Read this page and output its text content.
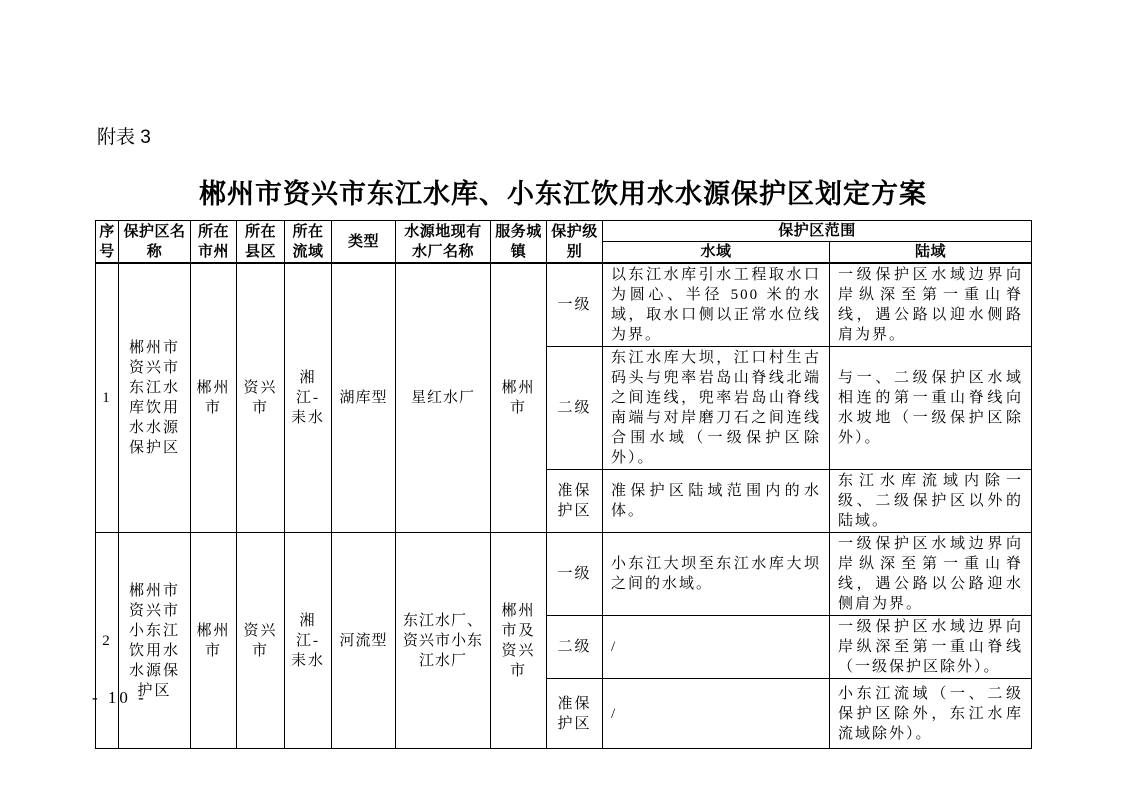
附表 3
郴州市资兴市东江水库、小东江饮用水水源保护区划定方案
序号	保护区名称	所在市州	所在县区	所在流域	类型	水源地现有水厂名称	服务城镇	保护级别	保护区范围	
									水域	陆域
1	郴州市资兴市东江水库饮用水水源保护区	郴州市	资兴市	湘江-耒水	湖库型	星红水厂	郴州市	一级	以东江水库引水工程取水口为圆心、半径 500 米的水域，取水口侧以正常水位线为界。	一级保护区水域边界向岸纵深至第一重山脊线，遇公路以迎水侧路肩为界。
								二级	东江水库大坝，江口村生古码头与兜率岩岛山脊线北端之间连线，兜率岩岛山脊线南端与对岸磨刀石之间连线合围水域（一级保护区除外）。	与一、二级保护区水域相连的第一重山脊线向水坡地（一级保护区除外）。
								准保护区	准保护区陆域范围内的水体。	东江水库流域内除一级、二级保护区以外的陆域。
2	郴州市资兴市小东江饮用水水源保护区	郴州市	资兴市	湘江-耒水	河流型	东江水厂、资兴市小东江水厂	郴州市及资兴市	一级	小东江大坝至东江水库大坝之间的水域。	一级保护区水域边界向岸纵深至第一重山脊线，遇公路以公路迎水侧肩为界。
								二级	/	一级保护区水域边界向岸纵深至第一重山脊线（一级保护区除外）。
								准保护区	/	小东江流域（一、二级保护区除外，东江水库流域除外）。
- 10 -
